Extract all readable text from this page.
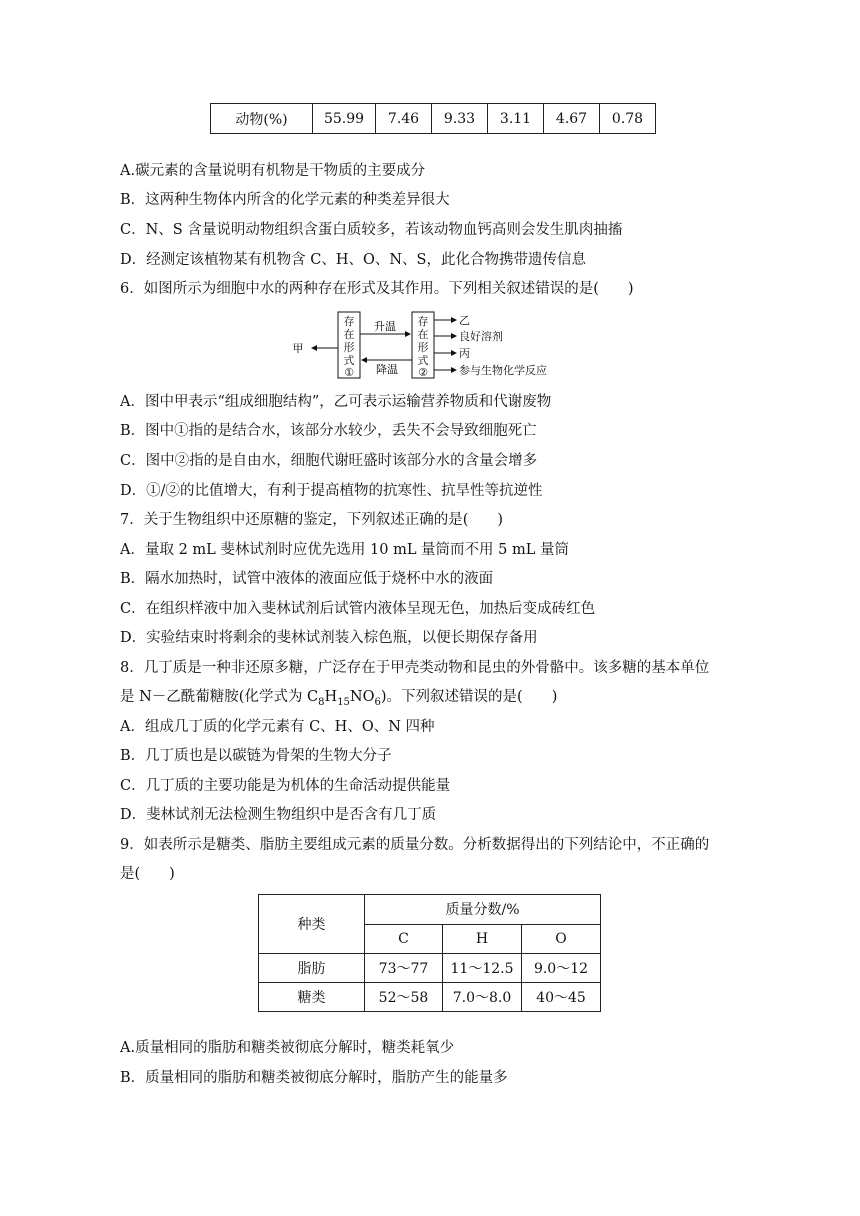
动物(%)	55.99	7.46	9.33	3.11	4.67	0.78
A.碳元素的含量说明有机物是干物质的主要成分
B．这两种生物体内所含的化学元素的种类差异很大
C．N、S 含量说明动物组织含蛋白质较多，若该动物血钙高则会发生肌肉抽搐
D．经测定该植物某有机物含 C、H、O、N、S，此化合物携带遗传信息
6．如图所示为细胞中水的两种存在形式及其作用。下列相关叙述错误的是(　　)
存
在
形
式
①
存
在
形
式
②
升温
降温
甲
乙
良好溶剂
丙
参与生物化学反应
A．图中甲表示“组成细胞结构”，乙可表示运输营养物质和代谢废物
B．图中①指的是结合水，该部分水较少，丢失不会导致细胞死亡
C．图中②指的是自由水，细胞代谢旺盛时该部分水的含量会增多
D．①/②的比值增大，有利于提高植物的抗寒性、抗旱性等抗逆性
7．关于生物组织中还原糖的鉴定，下列叙述正确的是(　　)
A．量取 2 mL 斐林试剂时应优先选用 10 mL 量筒而不用 5 mL 量筒
B．隔水加热时，试管中液体的液面应低于烧杯中水的液面
C．在组织样液中加入斐林试剂后试管内液体呈现无色，加热后变成砖红色
D．实验结束时将剩余的斐林试剂装入棕色瓶，以便长期保存备用
8．几丁质是一种非还原多糖，广泛存在于甲壳类动物和昆虫的外骨骼中。该多糖的基本单位
是 N－乙酰葡糖胺(化学式为 $C_8H_{15}NO_6$)。下列叙述错误的是(　　)
A．组成几丁质的化学元素有 C、H、O、N 四种
B．几丁质也是以碳链为骨架的生物大分子
C．几丁质的主要功能是为机体的生命活动提供能量
D．斐林试剂无法检测生物组织中是否含有几丁质
9．如表所示是糖类、脂肪主要组成元素的质量分数。分析数据得出的下列结论中，不正确的
是(　　)
种类	质量分数/%		
	C	H	O
脂肪	73～77	11～12.5	9.0～12
糖类	52～58	7.0～8.0	40～45
A.质量相同的脂肪和糖类被彻底分解时，糖类耗氧少
B．质量相同的脂肪和糖类被彻底分解时，脂肪产生的能量多
